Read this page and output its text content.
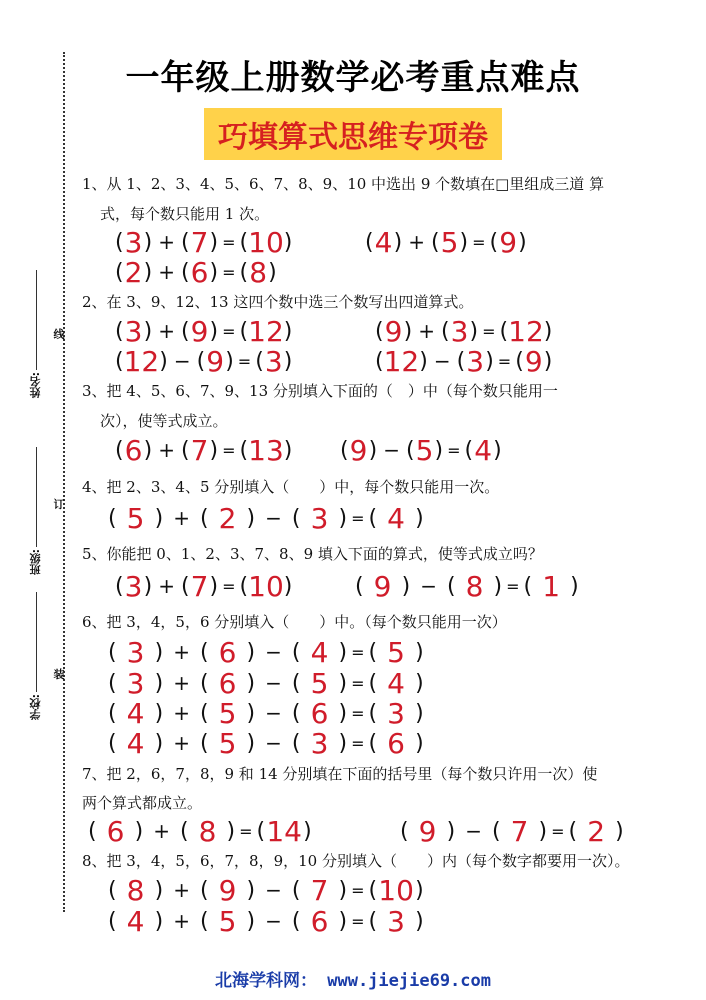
线
订
装
姓名:
班级:
学校:
一年级上册数学必考重点难点
巧填算式思维专项卷
1、从 1、2、3、4、5、6、7、8、9、10 中选出 9 个数填在□里组成三道 算
式，每个数只能用 1 次。
( 3 ) + ( 7 ) = ( 10 )	( 4 ) + ( 5 ) = ( 9 )
( 2 ) + ( 6 ) = ( 8 )
2、在 3、9、12、13 这四个数中选三个数写出四道算式。
( 3 ) + ( 9 ) = ( 12 )	( 9 ) + ( 3 ) = ( 12 )
( 12 ) − ( 9 ) = ( 3 )	( 12 ) − ( 3 ) = ( 9 )
3、把 4、5、6、7、9、13 分别填入下面的（　）中（每个数只能用一
次），使等式成立。
( 6 ) + ( 7 ) = ( 13 ) ( 9 ) − ( 5 ) = ( 4 )
4、把 2、3、4、5 分别填入（　　）中，每个数只能用一次。
( 5 ) + ( 2 ) − ( 3 ) = ( 4 )
5、你能把 0、1、2、3、7、8、9 填入下面的算式，使等式成立吗？
( 3 ) + ( 7 ) = ( 10 )	( 9 ) − ( 8 ) = ( 1 )
6、把 3，4，5，6 分别填入（　　）中。（每个数只能用一次）
( 3 ) + ( 6 ) − ( 4 ) = ( 5 )
( 3 ) + ( 6 ) − ( 5 ) = ( 4 )
( 4 ) + ( 5 ) − ( 6 ) = ( 3 )
( 4 ) + ( 5 ) − ( 3 ) = ( 6 )
7、把 2，6，7，8，9 和 14 分别填在下面的括号里（每个数只许用一次）使
两个算式都成立。
( 6 ) + ( 8 ) = ( 14 )	( 9 ) − ( 7 ) = ( 2 )
8、把 3，4，5，6，7，8，9，10 分别填入（　　）内（每个数字都要用一次）。
( 8 ) + ( 9 ) − ( 7 ) = ( 10 )
( 4 ) + ( 5 ) − ( 6 ) = ( 3 )
北海学科网： www.jiejie69.com
